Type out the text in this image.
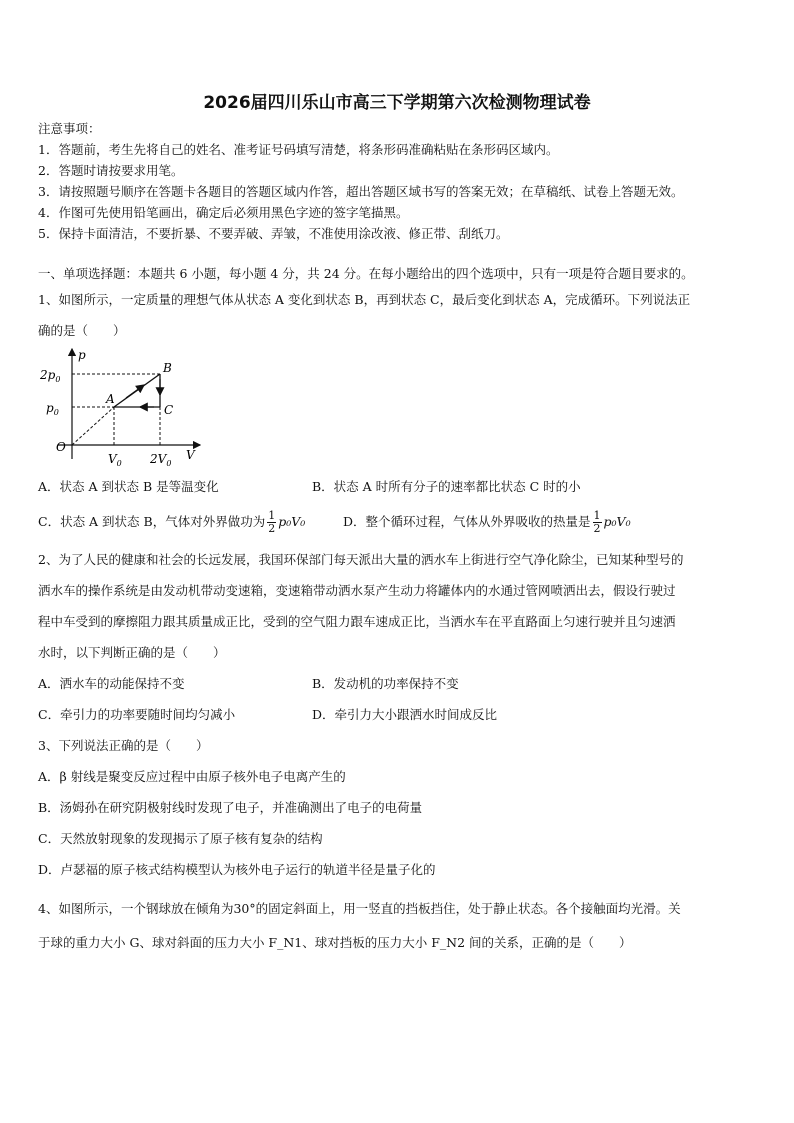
2026届四川乐山市高三下学期第六次检测物理试卷
注意事项：
1．答题前，考生先将自己的姓名、准考证号码填写清楚，将条形码准确粘贴在条形码区域内。
2．答题时请按要求用笔。
3．请按照题号顺序在答题卡各题目的答题区域内作答，超出答题区域书写的答案无效；在草稿纸、试卷上答题无效。
4．作图可先使用铅笔画出，确定后必须用黑色字迹的签字笔描黑。
5．保持卡面清洁，不要折暴、不要弄破、弄皱，不准使用涂改液、修正带、刮纸刀。
一、单项选择题：本题共 6 小题，每小题 4 分，共 24 分。在每小题给出的四个选项中，只有一项是符合题目要求的。
1、如图所示，一定质量的理想气体从状态 A 变化到状态 B，再到状态 C，最后变化到状态 A，完成循环。下列说法正
确的是（　　）
p
V
O
$2p_0$
$p_0$
$V_0$ $2V_0$
A
B
C
A．状态 A 到状态 B 是等温变化	B．状态 A 时所有分子的速率都比状态 C 时的小
C．状态 A 到状态 B，气体对外界做功为 $\frac{1}{2} p_0V_0$	D．整个循环过程，气体从外界吸收的热量是 $\frac{1}{2} p_0V_0$
2、为了人民的健康和社会的长远发展，我国环保部门每天派出大量的洒水车上街进行空气净化除尘，已知某种型号的
洒水车的操作系统是由发动机带动变速箱，变速箱带动洒水泵产生动力将罐体内的水通过管网喷洒出去，假设行驶过
程中车受到的摩擦阻力跟其质量成正比，受到的空气阻力跟车速成正比，当洒水车在平直路面上匀速行驶并且匀速洒
水时，以下判断正确的是（　　）
A．洒水车的动能保持不变	B．发动机的功率保持不变
C．牵引力的功率要随时间均匀减小	D．牵引力大小跟洒水时间成反比
3、下列说法正确的是（　　）
A．β 射线是聚变反应过程中由原子核外电子电离产生的
B．汤姆孙在研究阴极射线时发现了电子，并准确测出了电子的电荷量
C．天然放射现象的发现揭示了原子核有复杂的结构
D．卢瑟福的原子核式结构模型认为核外电子运行的轨道半径是量子化的
4、如图所示，一个钢球放在倾角为30°的固定斜面上，用一竖直的挡板挡住，处于静止状态。各个接触面均光滑。关
于球的重力大小 G、球对斜面的压力大小 F_N1、球对挡板的压力大小 F_N2 间的关系，正确的是（　　）
